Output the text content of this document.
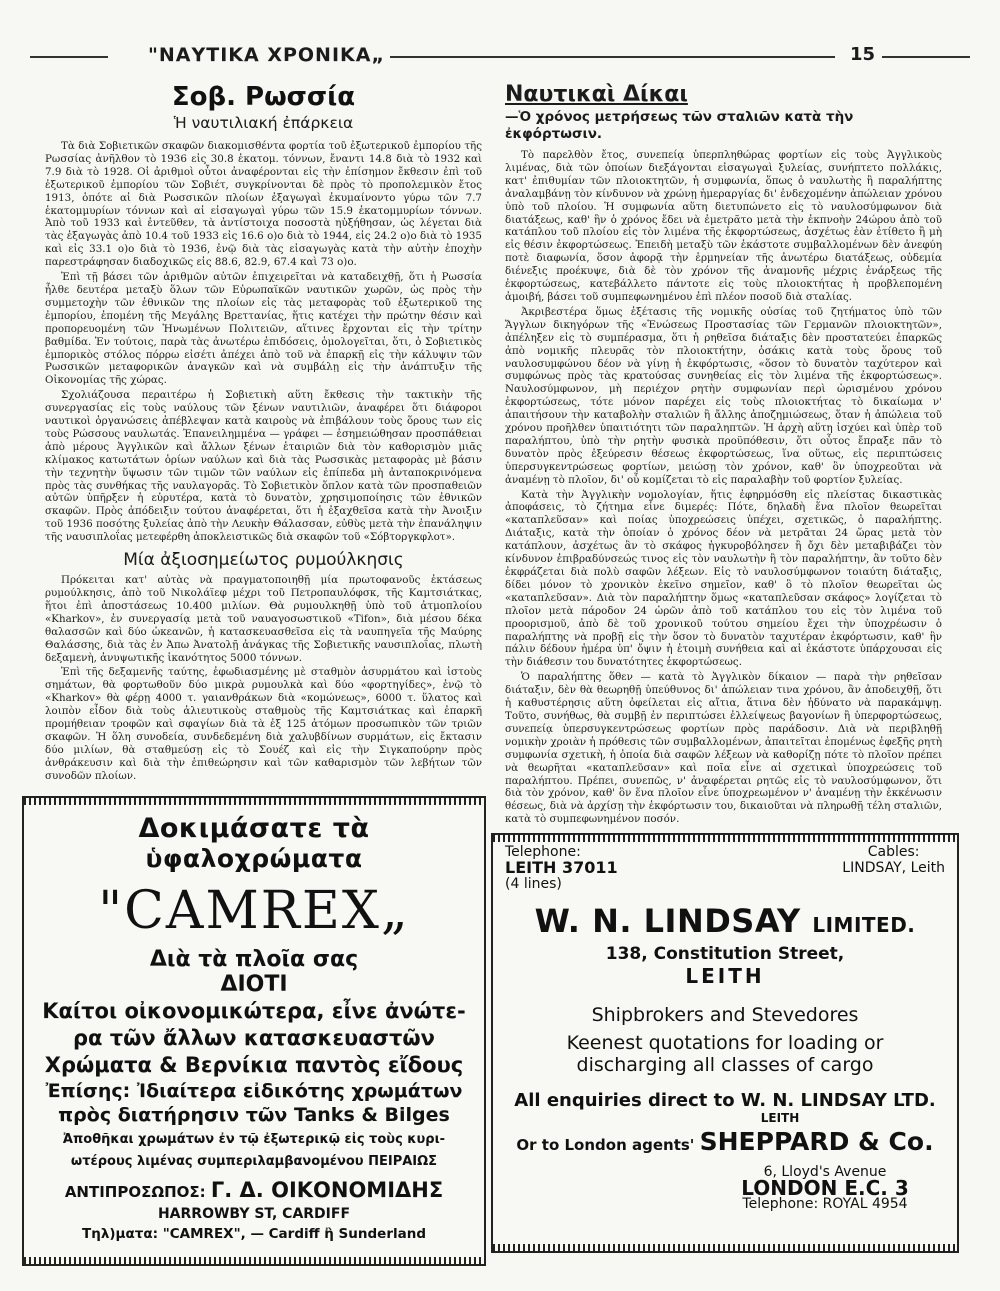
"ΝΑΥΤΙΚΑ ΧΡΟΝΙΚΑ„	15
Σοβ. Ρωσσία
Ἡ ναυτιλιακή ἐπάρκεια

Τὰ διὰ Σοβιετικῶν σκαφῶν διακομισθέντα φορτία τοῦ ἐξωτερικοῦ ἐμπορίου τῆς Ρωσσίας ἀνῆλθον τὸ 1936 εἰς 30.8 ἑκατομ. τόννων, ἔναντι 14.8 διὰ τὸ 1932 καὶ 7.9 διὰ τὸ 1928. Οἱ ἀριθμοὶ οὗτοι ἀναφέρονται εἰς τὴν ἐπίσημον ἔκθεσιν ἐπὶ τοῦ ἐξωτερικοῦ ἐμπορίου τῶν Σοβιέτ, συγκρίνονται δὲ πρὸς τὸ προπολεμικὸν ἔτος 1913, ὁπότε αἱ διὰ Ρωσσικῶν πλοίων ἐξαγωγαὶ ἐκυμαίνοντο γύρω τῶν 7.7 ἑκατομμυρίων τόννων καὶ αἱ εἰσαγωγαὶ γύρω τῶν 15.9 ἑκατομμυρίων τόννων. Ἀπὸ τοῦ 1933 καὶ ἐντεῦθεν, τὰ ἀντίστοιχα ποσοστὰ ηὐξήθησαν, ὡς λέγεται διὰ τὰς ἐξαγωγὰς ἀπὸ 10.4 τοῦ 1933 εἰς 16.6 ο)ο διὰ τὸ 1944, εἰς 24.2 ο)ο διὰ τὸ 1935 καὶ εἰς 33.1 ο)ο διὰ τὸ 1936, ἐνῷ διὰ τὰς εἰσαγωγὰς κατὰ τὴν αὐτὴν ἐποχὴν παρεστράφησαν διαδοχικῶς εἰς 88.6, 82.9, 67.4 καὶ 73 ο)ο.

Ἐπὶ τῇ βάσει τῶν ἀριθμῶν αὐτῶν ἐπιχειρεῖται νὰ καταδειχθῇ, ὅτι ἡ Ρωσσία ἦλθε δευτέρα μεταξὺ ὅλων τῶν Εὐρωπαϊκῶν ναυτικῶν χωρῶν, ὡς πρὸς τὴν συμμετοχὴν τῶν ἐθνικῶν της πλοίων εἰς τὰς μεταφορὰς τοῦ ἐξωτερικοῦ της ἐμπορίου, ἑπομένη τῆς Μεγάλης Βρεττανίας, ἥτις κατέχει τὴν πρώτην θέσιν καὶ προπορευομένη τῶν Ἡνωμένων Πολιτειῶν, αἵτινες ἔρχονται εἰς τὴν τρίτην βαθμίδα. Ἐν τούτοις, παρὰ τὰς ἀνωτέρω ἐπιδόσεις, ὁμολογεῖται, ὅτι, ὁ Σοβιετικὸς ἐμπορικὸς στόλος πόρρω εἰσέτι ἀπέχει ἀπὸ τοῦ νὰ ἐπαρκῇ εἰς τὴν κάλυψιν τῶν Ρωσσικῶν μεταφορικῶν ἀναγκῶν καὶ νὰ συμβάλῃ εἰς τὴν ἀνάπτυξιν τῆς Οἰκονομίας τῆς χώρας.

Σχολιάζουσα περαιτέρω ἡ Σοβιετικὴ αὕτη ἔκθεσις τὴν τακτικὴν τῆς συνεργασίας εἰς τοὺς ναύλους τῶν ξένων ναυτιλιῶν, ἀναφέρει ὅτι διάφοροι ναυτικοὶ ὀργανώσεις ἀπέβλεψαν κατὰ καιροὺς νὰ ἐπιβάλουν τοὺς ὅρους των εἰς τοὺς Ρώσσους ναυλωτάς. Ἐπανειλημμένα — γράφει — ἐσημειώθησαν προσπάθειαι ἀπὸ μέρους Ἀγγλικῶν καὶ ἄλλων ξένων ἑταιριῶν διὰ τὸν καθορισμὸν μιᾶς κλίμακος κατωτάτων ὁρίων ναύλων καὶ διὰ τὰς Ρωσσικὰς μεταφορὰς μὲ βάσιν τὴν τεχνητὴν ὕψωσιν τῶν τιμῶν τῶν ναύλων εἰς ἐπίπεδα μὴ ἀνταποκρινόμενα πρὸς τὰς συνθήκας τῆς ναυλαγορᾶς. Τὸ Σοβιετικὸν ὅπλον κατὰ τῶν προσπαθειῶν αὐτῶν ὑπῆρξεν ἡ εὐρυτέρα, κατὰ τὸ δυνατὸν, χρησιμοποίησις τῶν ἐθνικῶν σκαφῶν. Πρὸς ἀπόδειξιν τούτου ἀναφέρεται, ὅτι ἡ ἐξαχθεῖσα κατὰ τὴν Ἀνοιξιν τοῦ 1936 ποσότης ξυλείας ἀπὸ τὴν Λευκὴν Θάλασσαν, εὐθὺς μετὰ τὴν ἐπανάληψιν τῆς ναυσιπλοΐας μετεφέρθη ἀποκλειστικῶς διὰ σκαφῶν τοῦ «Σόβτοργκφλοτ».

Μία ἀξιοσημείωτος ρυμούλκησις

Πρόκειται κατ' αὐτὰς νὰ πραγματοποιηθῇ μία πρωτοφανοῦς ἐκτάσεως ρυμούλκησις, ἀπὸ τοῦ Νικολάϊεφ μέχρι τοῦ Πετροπαυλόφσκ, τῆς Καμτσιάτκας, ἥτοι ἐπὶ ἀποστάσεως 10.400 μιλίων. Θὰ ρυμουλκηθῇ ὑπὸ τοῦ ἀτμοπλοίου «Kharkov», ἐν συνεργασίᾳ μετὰ τοῦ ναυαγοσωστικοῦ «Tifon», διὰ μέσου δέκα θαλασσῶν καὶ δύο ὠκεανῶν, ἡ κατασκευασθεῖσα εἰς τὰ ναυπηγεῖα τῆς Μαύρης Θαλάσσης, διὰ τὰς ἐν Ἀπω Ἀνατολῇ ἀνάγκας τῆς Σοβιετικῆς ναυσιπλοΐας, πλωτὴ δεξαμενὴ, ἀνυψωτικῆς ἱκανότητος 5000 τόννων.

Ἐπὶ τῆς δεξαμενῆς ταύτης, ἐφωδιασμένης μὲ σταθμὸν ἀσυρμάτου καὶ ἰστοὺς σημάτων, θὰ φορτωθοῦν δύο μικρὰ ρυμουλκὰ καὶ δύο «φορτηγίδες», ἐνῷ τὸ «Kharkov» θὰ φέρῃ 4000 τ. γαιανθράκων διὰ «κομώνεως», 6000 τ. ὕλατος καὶ λοιπὸν εἶδον διὰ τοὺς ἀλιευτικοὺς σταθμοὺς τῆς Καμτσιάτκας καὶ ἐπαρκῆ προμήθειαν τροφῶν καὶ σφαγίων διὰ τὰ ἐξ 125 ἀτόμων προσωπικὸν τῶν τριῶν σκαφῶν. Ἡ ὅλη συνοδεία, συνδεδεμένη διὰ χαλυβδίνων συρμάτων, εἰς ἔκτασιν δύο μιλίων, θὰ σταθμεύσῃ εἰς τὸ Σουέζ καὶ εἰς τὴν Σιγκαπούρην πρὸς ἀνθράκευσιν καὶ διὰ τὴν ἐπιθεώρησιν καὶ τῶν καθαρισμὸν τῶν λεβήτων τῶν συνοδῶν πλοίων.

Ναυτικαὶ Δίκαι
—Ὁ χρόνος μετρήσεως τῶν σταλιῶν κατὰ τὴν ἐκφόρτωσιν.

Τὸ παρελθὸν ἔτος, συνεπείᾳ ὑπερπληθώρας φορτίων εἰς τοὺς Ἀγγλικοὺς λιμένας, διὰ τῶν ὁποίων διεξάγονται εἰσαγωγαὶ ξυλείας, συνήπτετο πολλάκις, κατ' ἐπιθυμίαν τῶν πλοιοκτητῶν, ἡ συμφωνία, ὅπως ὁ ναυλωτὴς ἢ παραλήπτης ἀναλαμβάνῃ τὸν κίνδυνον νὰ χρώνῃ ἡμεραργίας δι' ἐνδεχομένην ἀπώλειαν χρόνου ὑπὸ τοῦ πλοίου. Ἡ συμφωνία αὕτη διετυπώνετο εἰς τὸ ναυλοσύμφωνον διὰ διατάξεως, καθ' ἣν ὁ χρόνος ἔδει νὰ ἐμετρᾶτο μετὰ τὴν ἐκπνοὴν 24ώρου ἀπὸ τοῦ κατάπλου τοῦ πλοίου εἰς τὸν λιμένα τῆς ἐκφορτώσεως, ἀσχέτως ἐὰν ἐτίθετο ἢ μὴ εἰς θέσιν ἐκφορτώσεως. Ἐπειδὴ μεταξὺ τῶν ἑκάστοτε συμβαλλομένων δὲν ἀνεφύη ποτὲ διαφωνία, ὅσον ἀφορᾷ τὴν ἑρμηνείαν τῆς ἀνωτέρω διατάξεως, οὐδεμία διένεξις προέκυψε, διὰ δὲ τὸν χρόνον τῆς ἀναμονῆς μέχρις ἐνάρξεως τῆς ἐκφορτώσεως, κατεβάλλετο πάντοτε εἰς τοὺς πλοιοκτήτας ἡ προβλεπομένη ἀμοιβή, βάσει τοῦ συμπεφωνημένου ἐπὶ πλέον ποσοῦ διὰ σταλίας.

Ἀκριβεστέρα ὅμως ἐξέτασις τῆς νομικῆς οὐσίας τοῦ ζητήματος ὑπὸ τῶν Ἄγγλων δικηγόρων τῆς «Ἑνώσεως Προστασίας τῶν Γερμανῶν πλοιοκτητῶν», ἀπέληξεν εἰς τὸ συμπέρασμα, ὅτι ἡ ρηθεῖσα διάταξις δὲν προστατεύει ἐπαρκῶς ἀπὸ νομικῆς πλευρᾶς τὸν πλοιοκτήτην, ὁσάκις κατὰ τοὺς ὅρους τοῦ ναυλοσυμφώνου δέον νὰ γίνῃ ἡ ἐκφόρτωσις, «ὅσον τὸ δυνατὸν ταχύτερον καὶ συμφώνως πρὸς τὰς κρατούσας συνηθείας εἰς τὸν λιμένα τῆς ἐκφορτώσεως». Ναυλοσύμφωνον, μὴ περιέχον ρητὴν συμφωνίαν περὶ ὡρισμένου χρόνου ἐκφορτώσεως, τότε μόνον παρέχει εἰς τοὺς πλοιοκτήτας τὸ δικαίωμα ν' ἀπαιτήσουν τὴν καταβολὴν σταλιῶν ἢ ἄλλης ἀποζημιώσεως, ὅταν ἡ ἀπώλεια τοῦ χρόνου προῆλθεν ὑπαιτιότητι τῶν παραληπτῶν. Ἡ ἀρχὴ αὕτη ἰσχύει καὶ ὑπὲρ τοῦ παραλήπτου, ὑπὸ τὴν ρητὴν φυσικὰ προϋπόθεσιν, ὅτι οὗτος ἔπραξε πᾶν τὸ δυνατὸν πρὸς ἐξεύρεσιν θέσεως ἐκφορτώσεως, ἵνα οὕτως, εἰς περιπτώσεις ὑπερσυγκεντρώσεως φορτίων, μειώσῃ τὸν χρόνον, καθ' ὃν ὑποχρεοῦται νὰ ἀναμένῃ τὸ πλοῖον, δι' οὗ κομίζεται τὸ εἰς παραλαβὴν τοῦ φορτίον ξυλείας.

Κατὰ τὴν Ἀγγλικὴν νομολογίαν, ἥτις ἐφηρμόσθη εἰς πλείστας δικαστικὰς ἀποφάσεις, τὸ ζήτημα εἶνε διμερές: Πότε, δηλαδὴ ἕνα πλοῖον θεωρεῖται «καταπλεῦσαν» καὶ ποίας ὑποχρεώσεις ὑπέχει, σχετικῶς, ὁ παραλήπτης. Διάταξις, κατὰ τὴν ὁποίαν ὁ χρόνος δέον νὰ μετρᾶται 24 ὥρας μετὰ τὸν κατάπλουν, ἀσχέτως ἂν τὸ σκάφος ἠγκυροβόλησεν ἢ ὄχι δὲν μεταβιβάζει τὸν κίνδυνον ἐπιβραδύνσεώς τινος εἰς τὸν ναυλωτὴν ἢ τὸν παραλήπτην, ἂν τοῦτο δὲν ἐκφράζεται διὰ πολὺ σαφῶν λέξεων. Εἰς τὸ ναυλοσύμφωνον τοιαύτη διάταξις, δίδει μόνον τὸ χρονικὸν ἐκεῖνο σημεῖον, καθ' ὃ τὸ πλοῖον θεωρεῖται ὡς «καταπλεῦσαν». Διὰ τὸν παραλήπτην ὅμως «καταπλεῦσαν σκάφος» λογίζεται τὸ πλοῖον μετὰ πάροδον 24 ὡρῶν ἀπὸ τοῦ κατάπλου του εἰς τὸν λιμένα τοῦ προορισμοῦ, ἀπὸ δὲ τοῦ χρονικοῦ τούτου σημείου ἔχει τὴν ὑποχρέωσιν ὁ παραλήπτης νὰ προβῇ εἰς τὴν ὅσον τὸ δυνατὸν ταχυτέραν ἐκφόρτωσιν, καθ' ἣν πάλιν δέδουν ἡμέρα ὑπ' ὄψιν ἡ ἑτοιμὴ συνήθεια καὶ αἱ ἑκάστοτε ὑπάρχουσαι εἰς τὴν διάθεσιν του δυνατότητες ἐκφορτώσεως.

Ὁ παραλήπτης ὅθεν — κατὰ τὸ Ἀγγλικὸν δίκαιον — παρὰ τὴν ρηθεῖσαν διάταξιν, δὲν θὰ θεωρηθῇ ὑπεύθυνος δι' ἀπώλειαν τινα χρόνου, ἂν ἀποδειχθῇ, ὅτι ἡ καθυστέρησις αὕτη ὀφείλεται εἰς αἴτια, ἅτινα δὲν ἠδύνατο νὰ παρακάμψῃ. Τοῦτο, συνήθως, θὰ συμβῇ ἐν περιπτώσει ἐλλείψεως βαγονίων ἢ ὑπερφορτώσεως, συνεπείᾳ ὑπερσυγκεντρώσεως φορτίων πρὸς παράδοσιν. Διὰ νὰ περιβληθῇ νομικὴν χροιὰν ἡ πρόθεσις τῶν συμβαλλομένων, ἀπαιτεῖται ἐπομένως ἐφεξῆς ρητὴ συμφωνία σχετικὴ, ἡ ὁποία διὰ σαφῶν λέξεων νὰ καθορίζῃ πότε τὸ πλοῖον πρέπει νὰ θεωρῆται «καταπλεῦσαν» καὶ ποῖα εἶνε αἱ σχετικαὶ ὑποχρεώσεις τοῦ παραλήπτου. Πρέπει, συνεπῶς, ν' ἀναφέρεται ρητῶς εἰς τὸ ναυλοσύμφωνον, ὅτι διὰ τὸν χρόνον, καθ' ὃν ἕνα πλοῖον εἶνε ὑποχρεωμένον ν' ἀναμένῃ τὴν ἐκκένωσιν θέσεως, διὰ νὰ ἀρχίσῃ τὴν ἐκφόρτωσιν του, δικαιοῦται νὰ πληρωθῇ τέλη σταλιῶν, κατὰ τὸ συμπεφωνημένον ποσόν.

Δοκιμάσατε τὰ
ὑφαλοχρώματα
"CAMREX„
Διὰ τὰ πλοῖα σας
ΔΙΟΤΙ
Καίτοι οἰκονομικώτερα, εἶνε ἀνώτε-
ρα τῶν ἄλλων κατασκευαστῶν
Χρώματα & Βερνίκια παντὸς εἴδους
Ἐπίσης: Ἰδιαίτερα εἰδικότης χρωμάτων
πρὸς διατήρησιν τῶν Tanks & Bilges
Ἀποθῆκαι χρωμάτων ἐν τῷ ἐξωτερικῷ εἰς τοὺς κυρι-
ωτέρους λιμένας συμπεριλαμβανομένου ΠΕΙΡΑΙΩΣ
ΑΝΤΙΠΡΟΣΩΠΟΣ: Γ. Δ. ΟΙΚΟΝΟΜΙΔΗΣ
HARROWBY ST, CARDIFF
Τηλ)ματα: "CAMREX", — Cardiff ἢ Sunderland
Telephone:
LEITH 37011
(4 lines)
Cables:
LINDSAY, Leith
W. N. LINDSAY LIMITED.
138, Constitution Street,
LEITH
Shipbrokers and Stevedores
Keenest quotations for loading or
discharging all classes of cargo
All enquiries direct to W. N. LINDSAY LTD.
LEITH
Or to London agents' SHEPPARD & Co.
6, Lloyd's Avenue
LONDON E.C. 3
Telephone: ROYAL 4954
